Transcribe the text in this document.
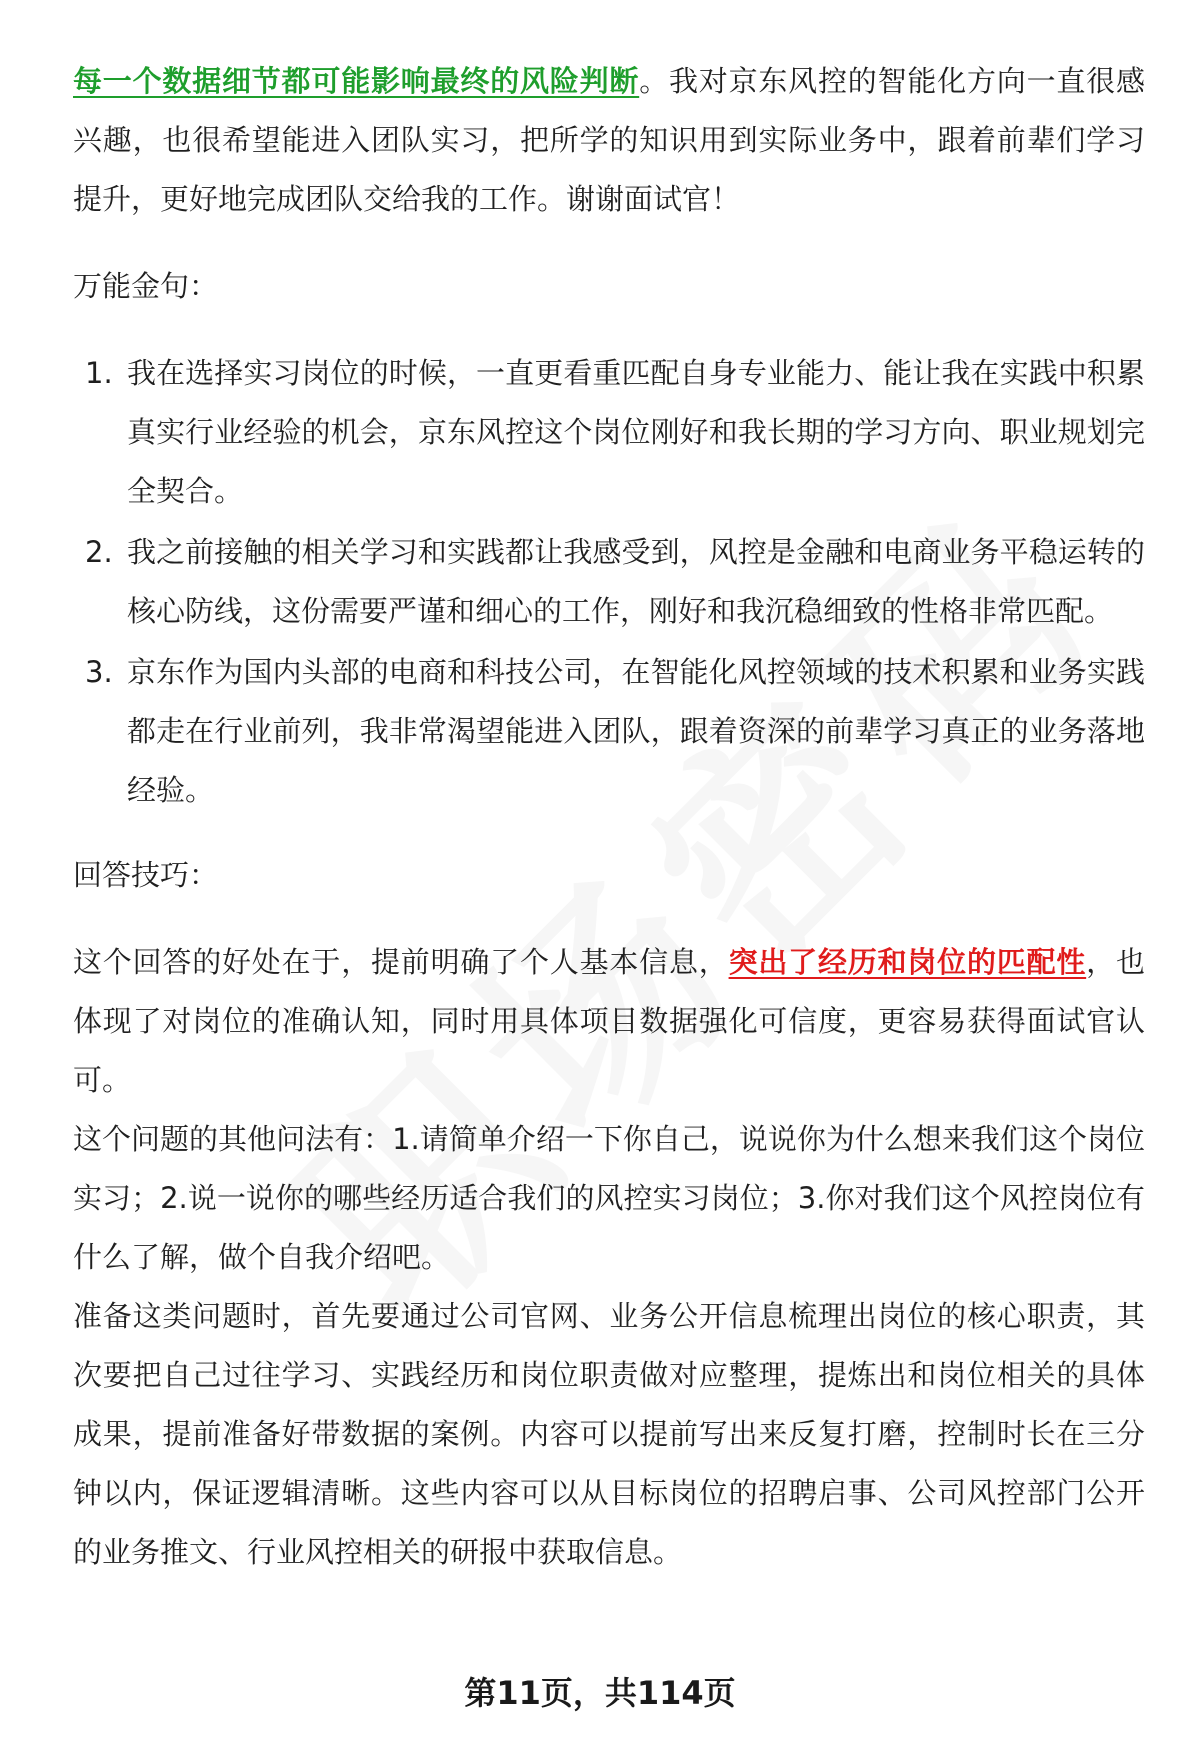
每一个数据细节都可能影响最终的风险判断。我对京东风控的智能化方向一直很感兴趣，也很希望能进入团队实习，把所学的知识用到实际业务中，跟着前辈们学习提升，更好地完成团队交给我的工作。谢谢面试官！

万能金句：

1. 我在选择实习岗位的时候，一直更看重匹配自身专业能力、能让我在实践中积累真实行业经验的机会，京东风控这个岗位刚好和我长期的学习方向、职业规划完全契合。
2. 我之前接触的相关学习和实践都让我感受到，风控是金融和电商业务平稳运转的核心防线，这份需要严谨和细心的工作，刚好和我沉稳细致的性格非常匹配。
3. 京东作为国内头部的电商和科技公司，在智能化风控领域的技术积累和业务实践都走在行业前列，我非常渴望能进入团队，跟着资深的前辈学习真正的业务落地经验。

回答技巧：

这个回答的好处在于，提前明确了个人基本信息，突出了经历和岗位的匹配性，也体现了对岗位的准确认知，同时用具体项目数据强化可信度，更容易获得面试官认可。

这个问题的其他问法有：1.请简单介绍一下你自己，说说你为什么想来我们这个岗位实习；2.说一说你的哪些经历适合我们的风控实习岗位；3.你对我们这个风控岗位有什么了解，做个自我介绍吧。

准备这类问题时，首先要通过公司官网、业务公开信息梳理出岗位的核心职责，其次要把自己过往学习、实践经历和岗位职责做对应整理，提炼出和岗位相关的具体成果，提前准备好带数据的案例。内容可以提前写出来反复打磨，控制时长在三分钟以内，保证逻辑清晰。这些内容可以从目标岗位的招聘启事、公司风控部门公开的业务推文、行业风控相关的研报中获取信息。

第11页，共114页
